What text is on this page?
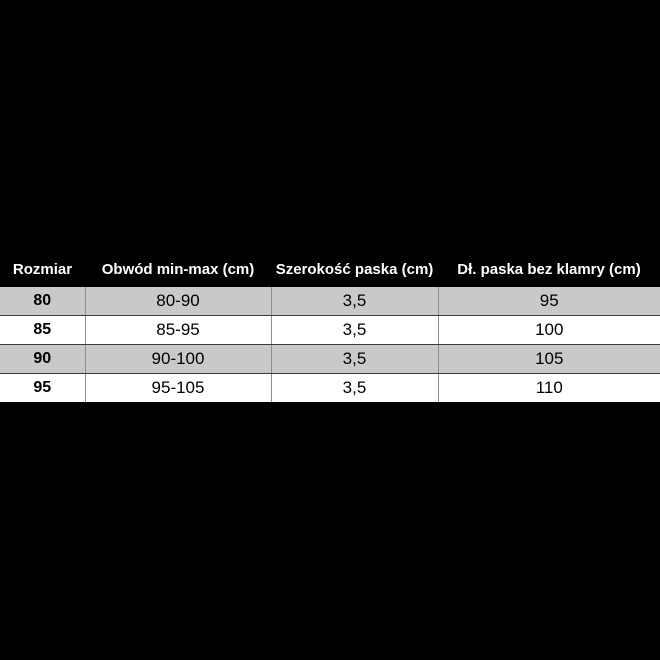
Rozmiar	Obwód min-max (cm)	Szerokość paska (cm)	Dł. paska bez klamry (cm)
80	80-90	3,5	95
85	85-95	3,5	100
90	90-100	3,5	105
95	95-105	3,5	110
